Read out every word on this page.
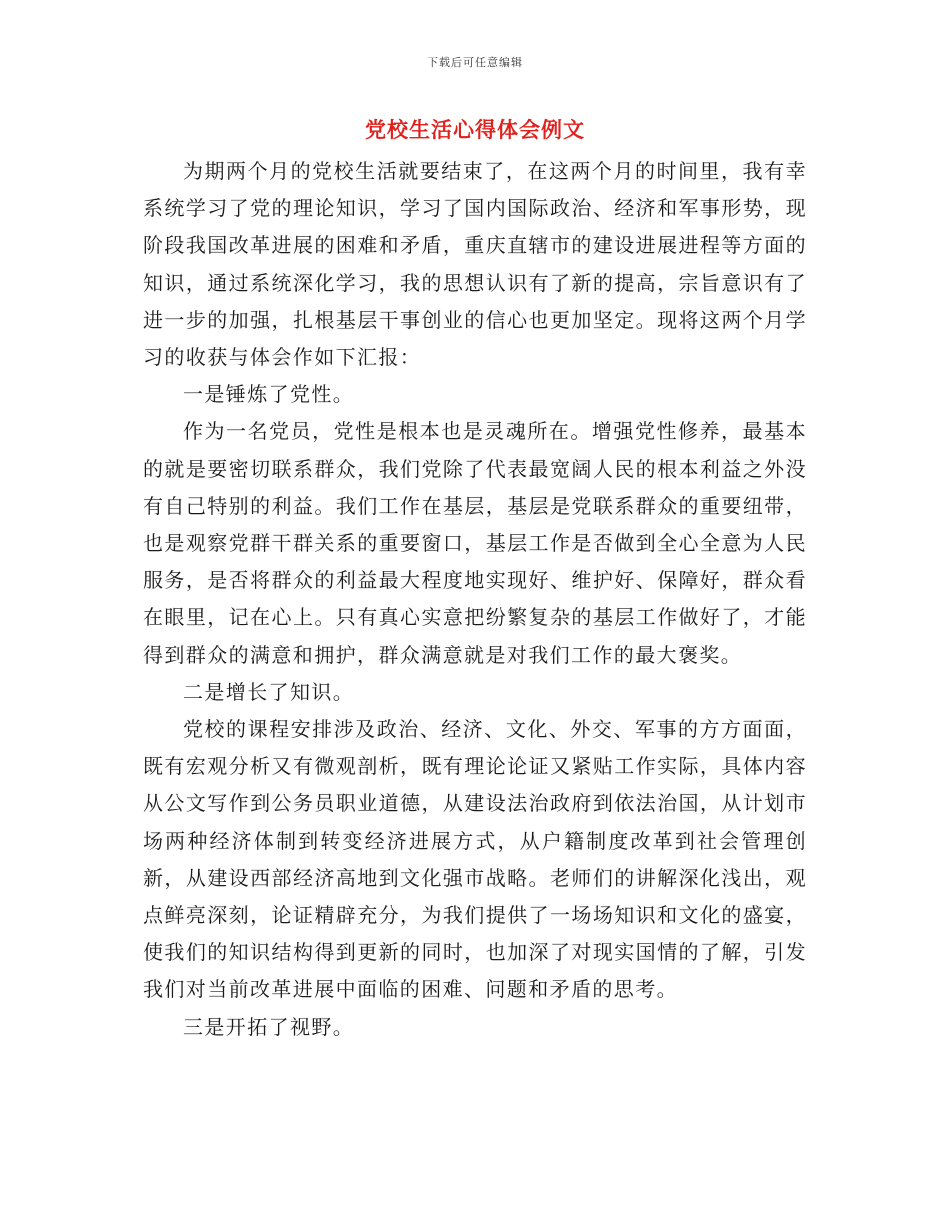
下载后可任意编辑
党校生活心得体会例文

为期两个月的党校生活就要结束了，在这两个月的时间里，我有幸系统学习了党的理论知识，学习了国内国际政治、经济和军事形势，现阶段我国改革进展的困难和矛盾，重庆直辖市的建设进展进程等方面的知识，通过系统深化学习，我的思想认识有了新的提高，宗旨意识有了进一步的加强，扎根基层干事创业的信心也更加坚定。现将这两个月学习的收获与体会作如下汇报：

一是锤炼了党性。

作为一名党员，党性是根本也是灵魂所在。增强党性修养，最基本的就是要密切联系群众，我们党除了代表最宽阔人民的根本利益之外没有自己特别的利益。我们工作在基层，基层是党联系群众的重要纽带，也是观察党群干群关系的重要窗口，基层工作是否做到全心全意为人民服务，是否将群众的利益最大程度地实现好、维护好、保障好，群众看在眼里，记在心上。只有真心实意把纷繁复杂的基层工作做好了，才能得到群众的满意和拥护，群众满意就是对我们工作的最大褒奖。

二是增长了知识。

党校的课程安排涉及政治、经济、文化、外交、军事的方方面面，既有宏观分析又有微观剖析，既有理论论证又紧贴工作实际，具体内容从公文写作到公务员职业道德，从建设法治政府到依法治国，从计划市场两种经济体制到转变经济进展方式，从户籍制度改革到社会管理创新，从建设西部经济高地到文化强市战略。老师们的讲解深化浅出，观点鲜亮深刻，论证精辟充分，为我们提供了一场场知识和文化的盛宴，使我们的知识结构得到更新的同时，也加深了对现实国情的了解，引发我们对当前改革进展中面临的困难、问题和矛盾的思考。

三是开拓了视野。
